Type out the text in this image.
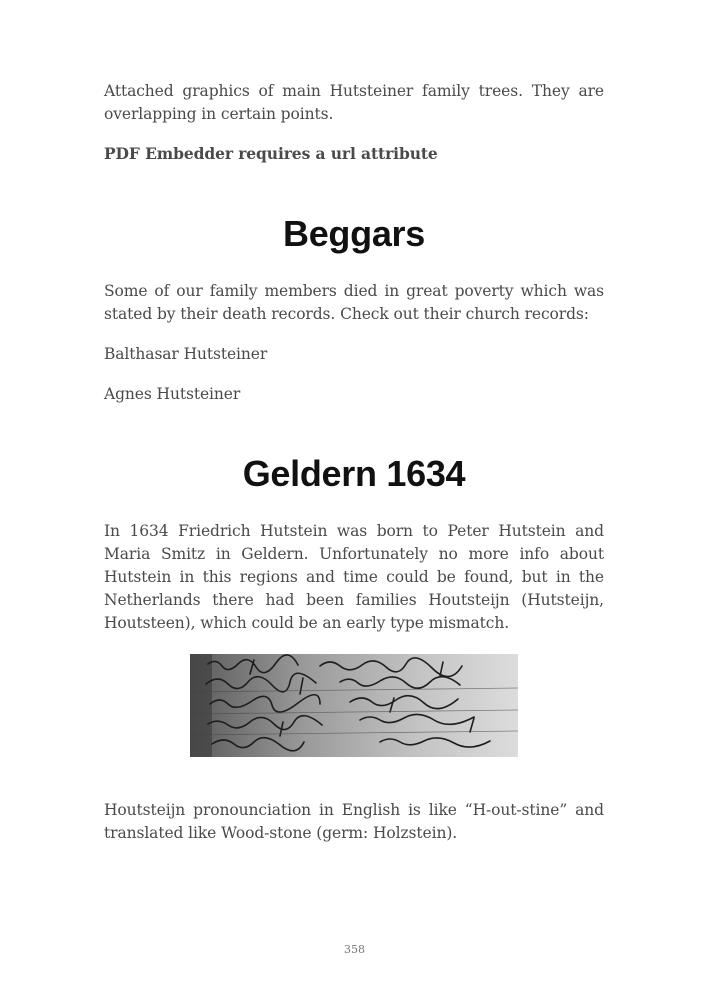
Attached graphics of main Hutsteiner family trees. They are overlapping in certain points.

PDF Embedder requires a url attribute

Beggars

Some of our family members died in great poverty which was stated by their death records. Check out their church records:

Balthasar Hutsteiner

Agnes Hutsteiner

Geldern 1634

In 1634 Friedrich Hutstein was born to Peter Hutstein and Maria Smitz in Geldern. Unfortunately no more info about Hutstein in this regions and time could be found, but in the Netherlands there had been families Houtsteijn (Hutsteijn, Houtsteen), which could be an early type mismatch.

Houtsteijn pronounciation in English is like “H-out-stine” and translated like Wood-stone (germ: Holzstein).

358
